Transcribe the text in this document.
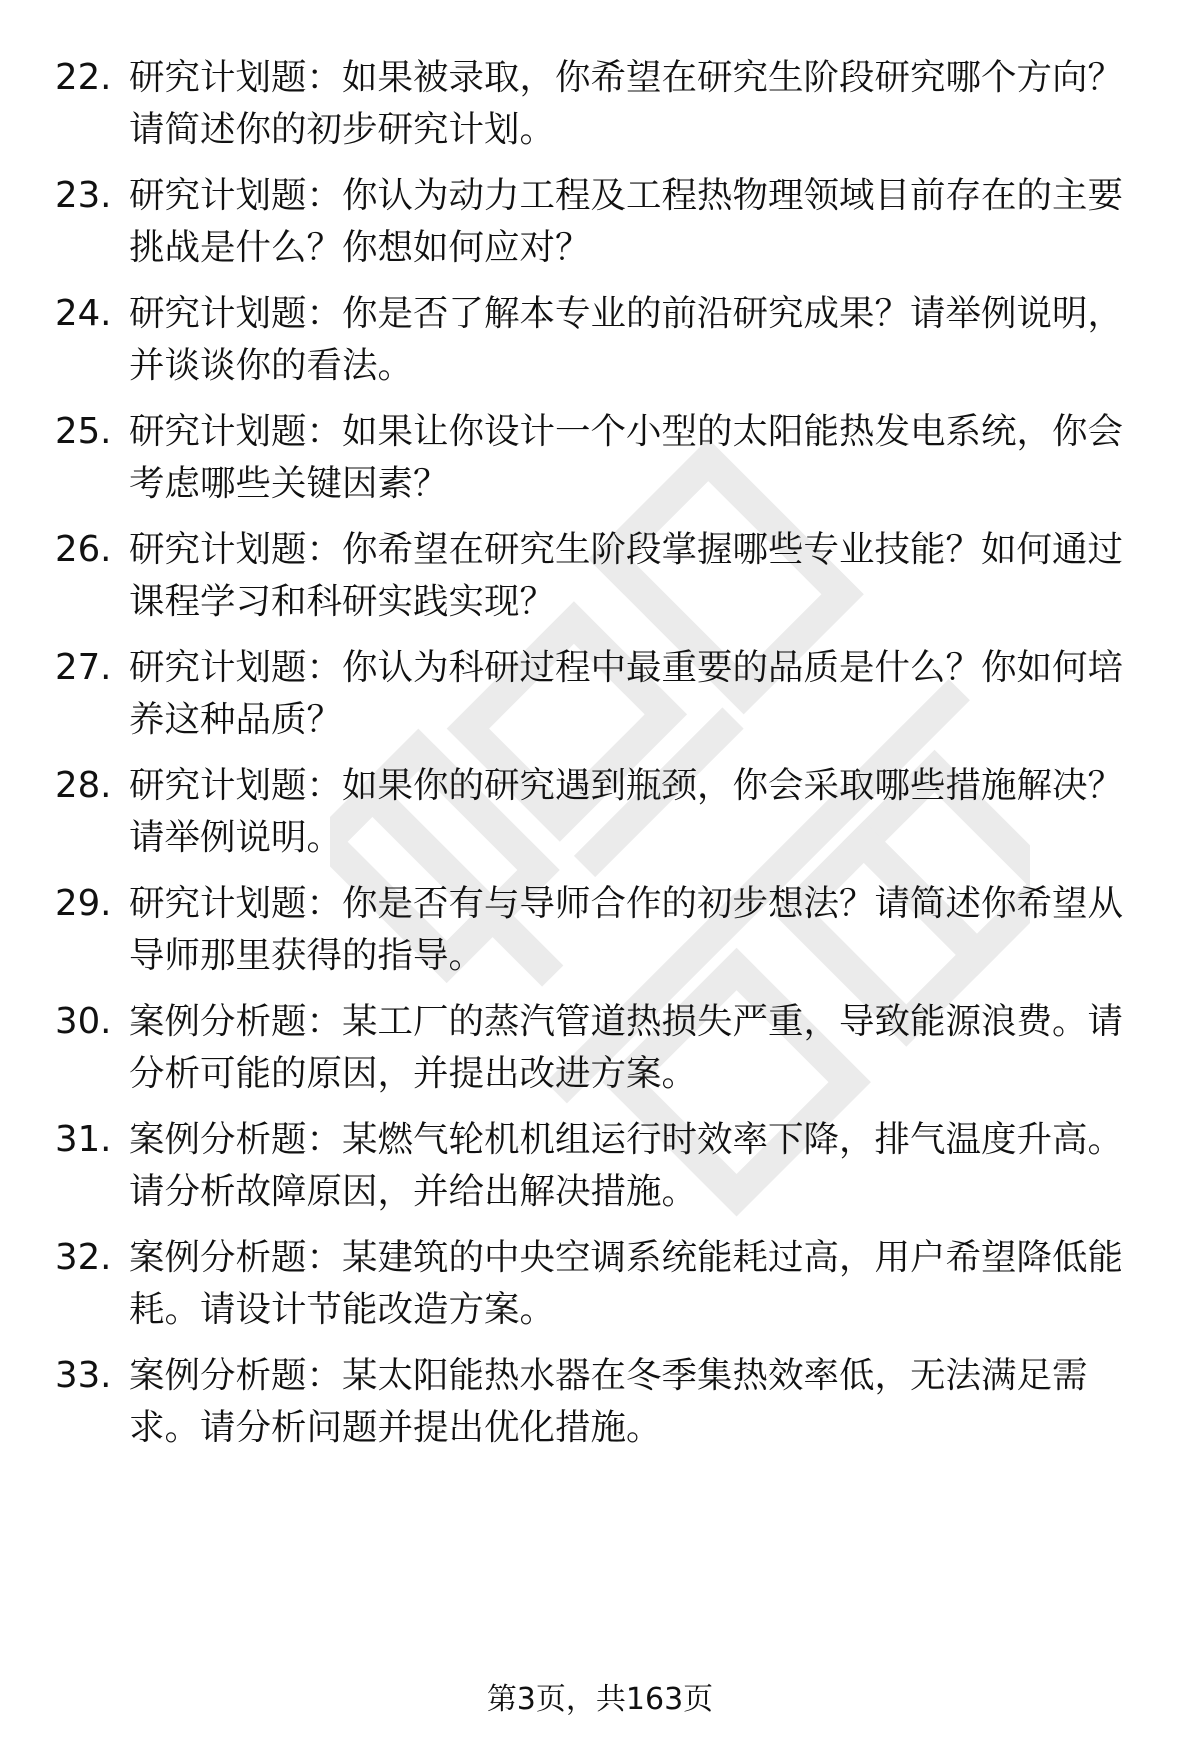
22. 研究计划题：如果被录取，你希望在研究生阶段研究哪个方向？
请简述你的初步研究计划。
23. 研究计划题：你认为动力工程及工程热物理领域目前存在的主要
挑战是什么？你想如何应对？
24. 研究计划题：你是否了解本专业的前沿研究成果？请举例说明，
并谈谈你的看法。
25. 研究计划题：如果让你设计一个小型的太阳能热发电系统，你会
考虑哪些关键因素？
26. 研究计划题：你希望在研究生阶段掌握哪些专业技能？如何通过
课程学习和科研实践实现？
27. 研究计划题：你认为科研过程中最重要的品质是什么？你如何培
养这种品质？
28. 研究计划题：如果你的研究遇到瓶颈，你会采取哪些措施解决？
请举例说明。
29. 研究计划题：你是否有与导师合作的初步想法？请简述你希望从
导师那里获得的指导。
30. 案例分析题：某工厂的蒸汽管道热损失严重，导致能源浪费。请
分析可能的原因，并提出改进方案。
31. 案例分析题：某燃气轮机机组运行时效率下降，排气温度升高。
请分析故障原因，并给出解决措施。
32. 案例分析题：某建筑的中央空调系统能耗过高，用户希望降低能
耗。请设计节能改造方案。
33. 案例分析题：某太阳能热水器在冬季集热效率低，无法满足需
求。请分析问题并提出优化措施。
第3页，共163页
